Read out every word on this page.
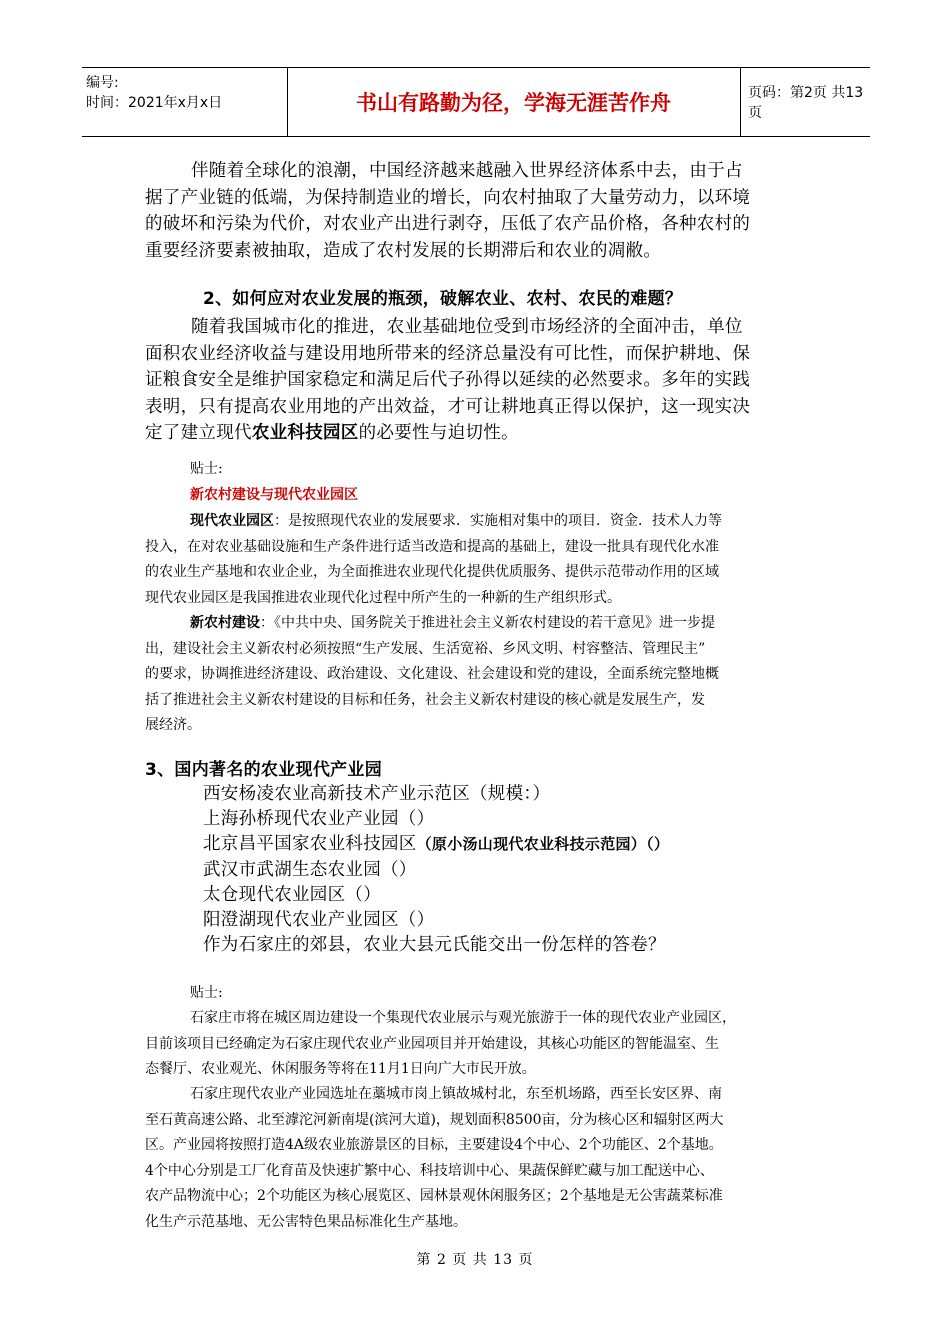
编号:
时间：2021年x月x日	书山有路勤为径，学海无涯苦作舟	页码：第2页 共13页
伴随着全球化的浪潮，中国经济越来越融入世界经济体系中去，由于占
据了产业链的低端，为保持制造业的增长，向农村抽取了大量劳动力，以环境
的破坏和污染为代价，对农业产出进行剥夺，压低了农产品价格，各种农村的
重要经济要素被抽取，造成了农村发展的长期滞后和农业的凋敝。
2、如何应对农业发展的瓶颈，破解农业、农村、农民的难题？
随着我国城市化的推进，农业基础地位受到市场经济的全面冲击，单位
面积农业经济收益与建设用地所带来的经济总量没有可比性，而保护耕地、保
证粮食安全是维护国家稳定和满足后代子孙得以延续的必然要求。多年的实践
表明，只有提高农业用地的产出效益，才可让耕地真正得以保护，这一现实决
定了建立现代农业科技园区的必要性与迫切性。
贴士:
新农村建设与现代农业园区
现代农业园区：是按照现代农业的发展要求．实施相对集中的项目．资金．技术人力等
投入，在对农业基础设施和生产条件进行适当改造和提高的基础上，建设一批具有现代化水准
的农业生产基地和农业企业，为全面推进农业现代化提供优质服务、提供示范带动作用的区域
现代农业园区是我国推进农业现代化过程中所产生的一种新的生产组织形式。
新农村建设：《中共中央、国务院关于推进社会主义新农村建设的若干意见》进一步提
出，建设社会主义新农村必须按照“生产发展、生活宽裕、乡风文明、村容整洁、管理民主”
的要求，协调推进经济建设、政治建设、文化建设、社会建设和党的建设，全面系统完整地概
括了推进社会主义新农村建设的目标和任务，社会主义新农村建设的核心就是发展生产，发
展经济。
3、国内著名的农业现代产业园
西安杨凌农业高新技术产业示范区（规模：）
上海孙桥现代农业产业园（）
北京昌平国家农业科技园区（原小汤山现代农业科技示范园）（）
武汉市武湖生态农业园（）
太仓现代农业园区（）
阳澄湖现代农业产业园区（）
作为石家庄的郊县，农业大县元氏能交出一份怎样的答卷？
贴士:
石家庄市将在城区周边建设一个集现代农业展示与观光旅游于一体的现代农业产业园区，
目前该项目已经确定为石家庄现代农业产业园项目并开始建设，其核心功能区的智能温室、生
态餐厅、农业观光、休闲服务等将在11月1日向广大市民开放。
石家庄现代农业产业园选址在藁城市岗上镇故城村北，东至机场路，西至长安区界、南
至石黄高速公路、北至滹沱河新南堤(滨河大道)，规划面积8500亩，分为核心区和辐射区两大
区。产业园将按照打造4A级农业旅游景区的目标，主要建设4个中心、2个功能区、2个基地。
4个中心分别是工厂化育苗及快速扩繁中心、科技培训中心、果蔬保鲜贮藏与加工配送中心、
农产品物流中心；2个功能区为核心展览区、园林景观休闲服务区；2个基地是无公害蔬菜标准
化生产示范基地、无公害特色果品标准化生产基地。
第 2 页 共 13 页
